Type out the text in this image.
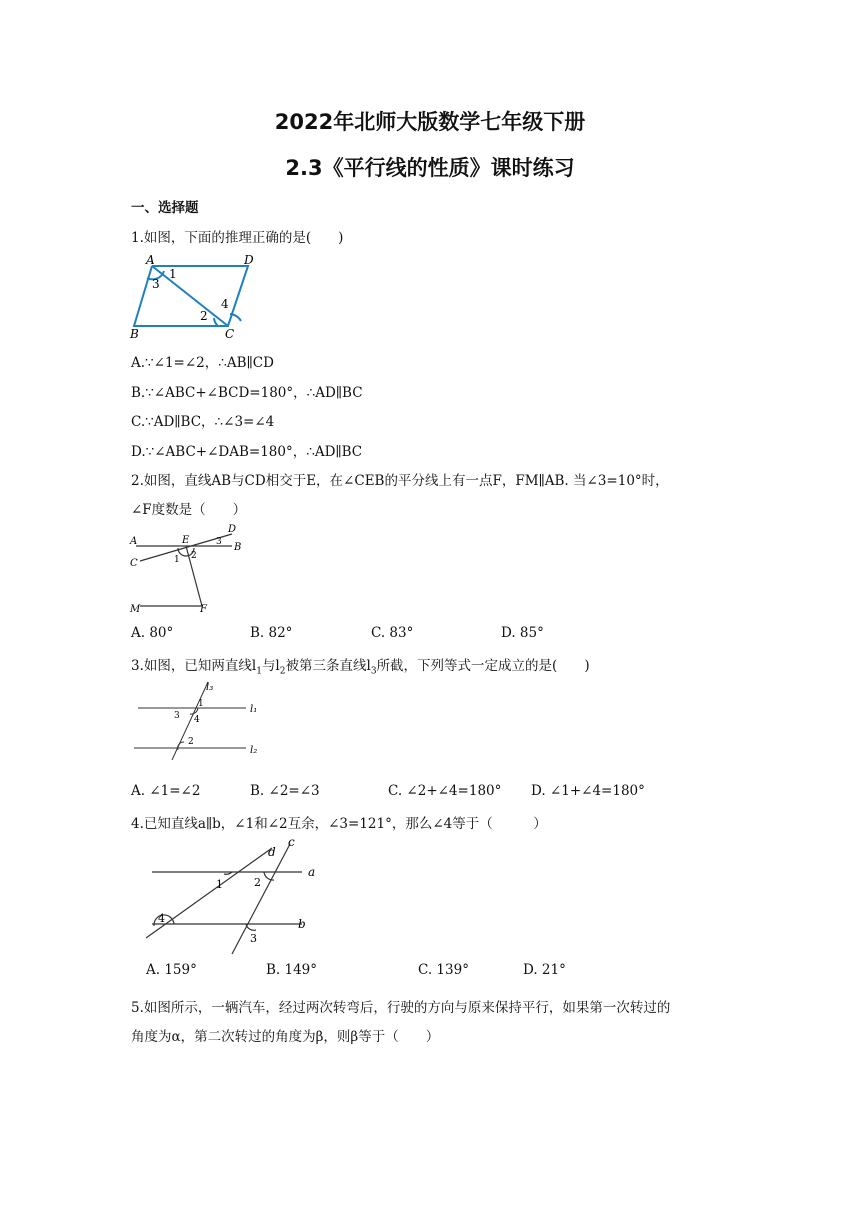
2022年北师大版数学七年级下册
2.3《平行线的性质》课时练习
一、选择题
1.如图，下面的推理正确的是(　　)
A	D
B	C
1
3
2
4
A.∵∠1=∠2，∴AB∥CD
B.∵∠ABC+∠BCD=180°，∴AD∥BC
C.∵AD∥BC，∴∠3=∠4
D.∵∠ABC+∠DAB=180°，∴AD∥BC
2.如图，直线AB与CD相交于E，在∠CEB的平分线上有一点F，FM∥AB. 当∠3=10°时，
∠F度数是（　　）
A
B
C
D
E
F
M
1 2
3
A. 80°	B. 82°	C. 83°	D. 85°
3.如图，已知两直线$l_1$与$l_2$被第三条直线$l_3$所截，下列等式一定成立的是(　　)
l₃
l₁
l₂
1
3 4
2
A. ∠1=∠2	B. ∠2=∠3	C. ∠2+∠4=180° D. ∠1+∠4=180°
4.已知直线a∥b，∠1和∠2互余，∠3=121°，那么∠4等于（　　　）
d
c
a
b
1	2
4
3
A. 159°	B. 149°	C. 139°	D. 21°
5.如图所示，一辆汽车，经过两次转弯后，行驶的方向与原来保持平行，如果第一次转过的
角度为α，第二次转过的角度为β，则β等于（　　）
